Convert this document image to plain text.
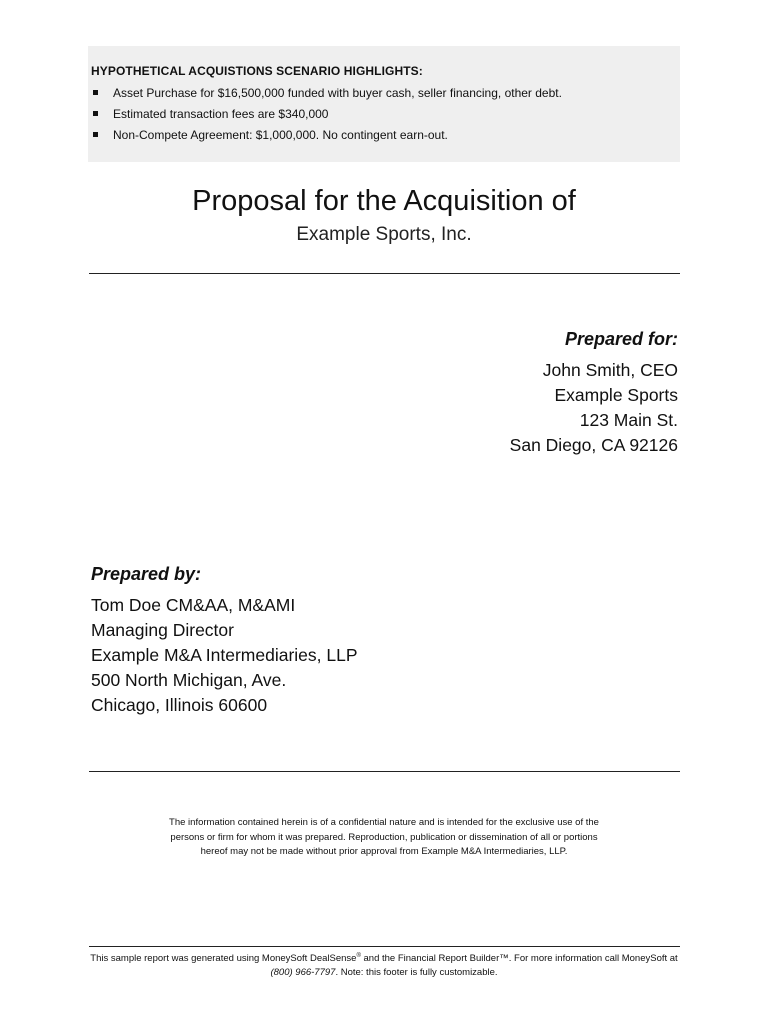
HYPOTHETICAL ACQUISTIONS SCENARIO HIGHLIGHTS:
Asset Purchase for $16,500,000 funded with buyer cash, seller financing, other debt.
Estimated transaction fees are $340,000
Non-Compete Agreement: $1,000,000. No contingent earn-out.
Proposal for the Acquisition of
Example Sports, Inc.
Prepared for:
John Smith, CEO
Example Sports
123 Main St.
San Diego, CA 92126
Prepared by:
Tom Doe CM&AA, M&AMI
Managing Director
Example M&A Intermediaries, LLP
500 North Michigan, Ave.
Chicago, Illinois 60600
The information contained herein is of a confidential nature and is intended for the exclusive use of the persons or firm for whom it was prepared. Reproduction, publication or dissemination of all or portions hereof may not be made without prior approval from Example M&A Intermediaries, LLP.
This sample report was generated using MoneySoft DealSense® and the Financial Report Builder™. For more information call MoneySoft at (800) 966-7797. Note: this footer is fully customizable.
